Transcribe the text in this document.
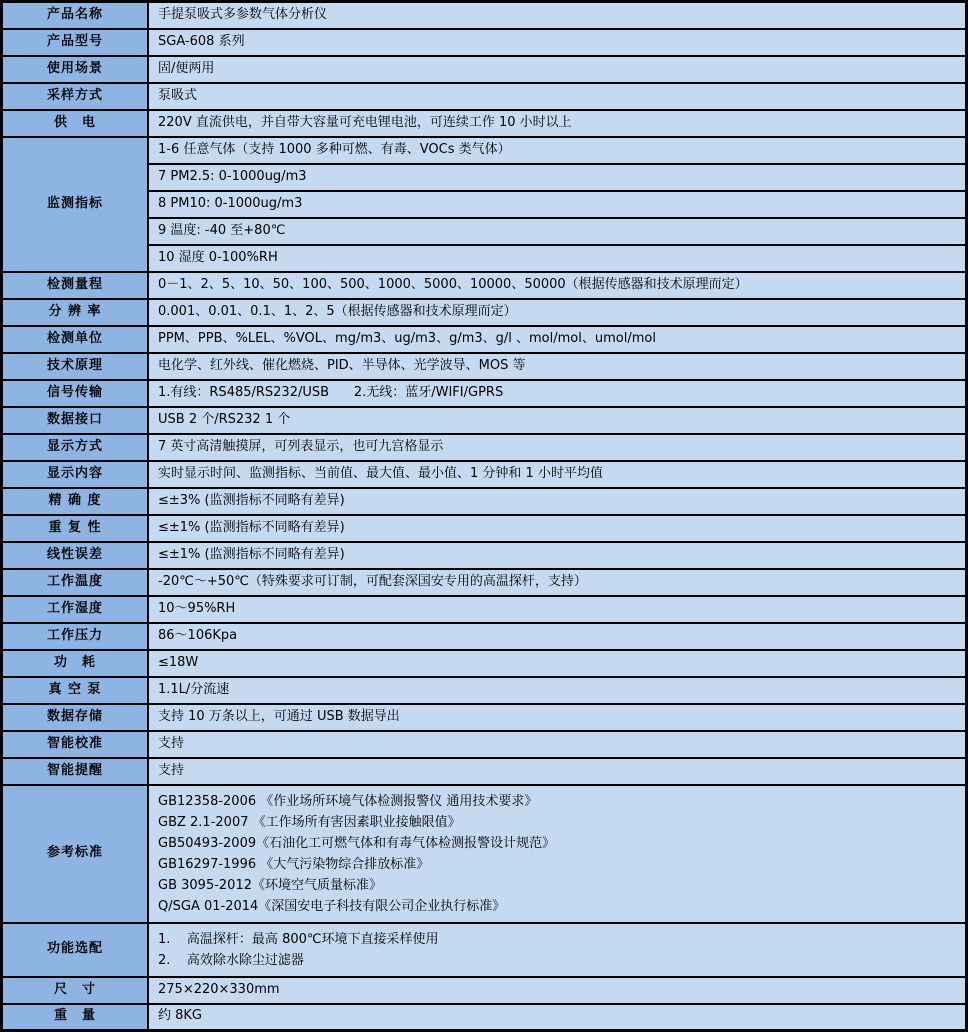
产品名称	手提泵吸式多参数气体分析仪

产品型号	SGA-608 系列

使用场景	固/便两用

采样方式	泵吸式

供　电	220V 直流供电，并自带大容量可充电锂电池，可连续工作 10 小时以上

监测指标	1-6 任意气体（支持 1000 多种可燃、有毒、VOCs 类气体）

	7 PM2.5: 0-1000ug/m3

	8 PM10: 0-1000ug/m3

	9 温度: -40 至+80℃

	10 湿度 0-100%RH

检测量程	0－1、2、5、10、50、100、500、1000、5000、10000、50000（根据传感器和技术原理而定）

分 辨 率	0.001、0.01、0.1、1、2、5（根据传感器和技术原理而定）

检测单位	PPM、PPB、%LEL、%VOL、mg/m3、ug/m3、g/m3、g/l 、mol/mol、umol/mol

技术原理	电化学、红外线、催化燃烧、PID、半导体、光学波导、MOS 等

信号传输	1.有线：RS485/RS232/USB      2.无线：蓝牙/WIFI/GPRS

数据接口	USB 2 个/RS232 1 个

显示方式	7 英寸高清触摸屏，可列表显示，也可九宫格显示

显示内容	实时显示时间、监测指标、当前值、最大值、最小值、1 分钟和 1 小时平均值

精 确 度	≤±3% (监测指标不同略有差异)

重 复 性	≤±1% (监测指标不同略有差异)

线性误差	≤±1% (监测指标不同略有差异)

工作温度	-20℃～+50℃（特殊要求可订制，可配套深国安专用的高温探杆，支持）

工作湿度	10～95%RH

工作压力	86～106Kpa

功　耗	≤18W

真 空 泵	1.1L/分流速

数据存储	支持 10 万条以上，可通过 USB 数据导出

智能校准	支持

智能提醒	支持

参考标准

GB12358-2006 《作业场所环境气体检测报警仪 通用技术要求》
GBZ 2.1-2007 《工作场所有害因素职业接触限值》
GB50493-2009《石油化工可燃气体和有毒气体检测报警设计规范》
GB16297-1996 《大气污染物综合排放标准》
GB 3095-2012《环境空气质量标准》
Q/SGA 01-2014《深国安电子科技有限公司企业执行标准》

功能选配	1.    高温探杆：最高 800℃环境下直接采样使用
2.    高效除水除尘过滤器

尺　寸	275×220×330mm

重　量	约 8KG
